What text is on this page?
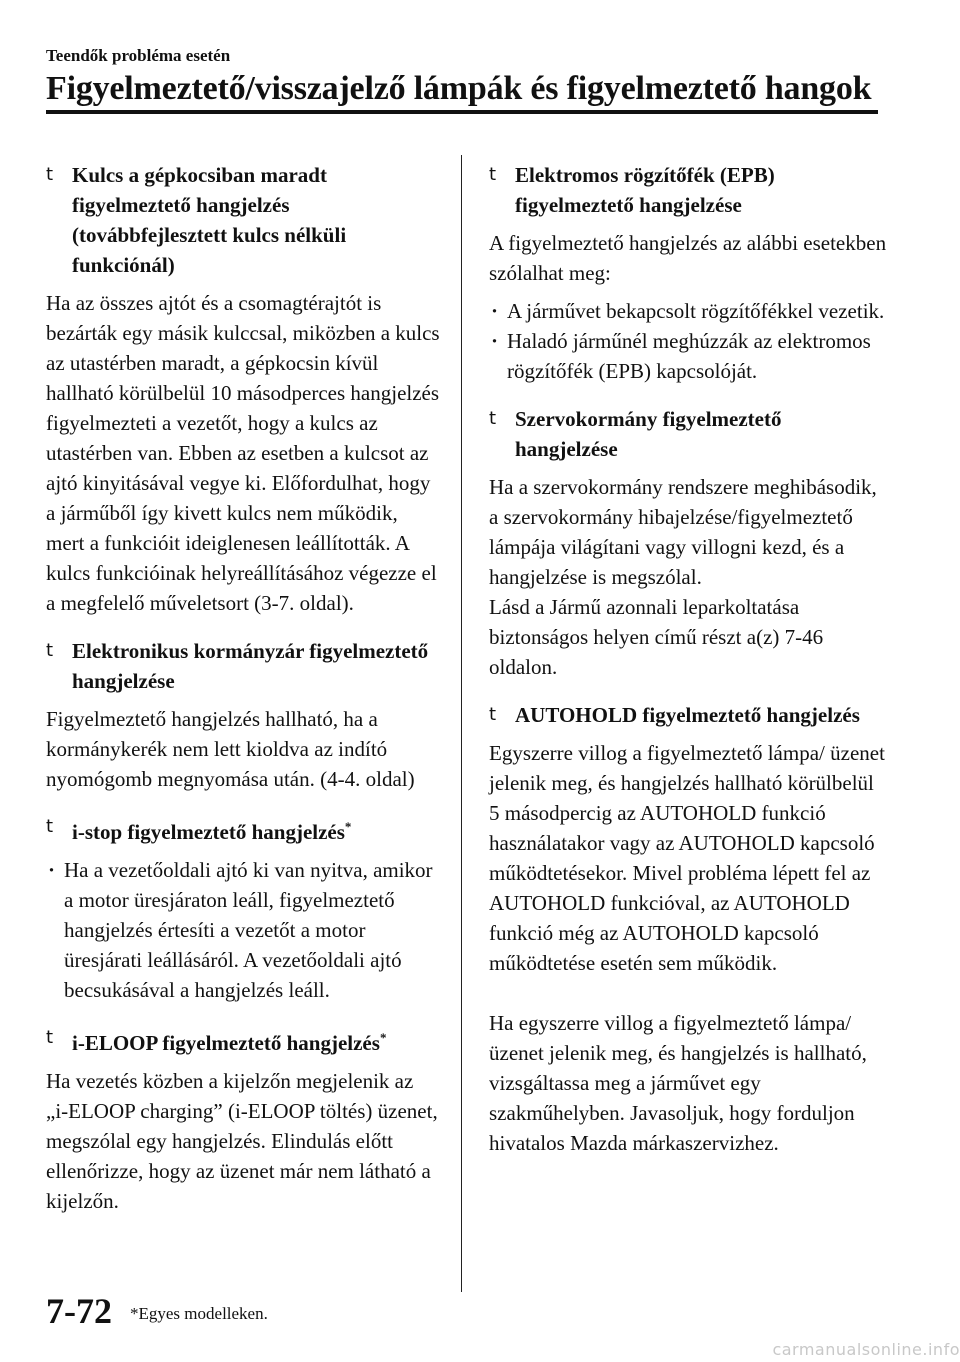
Teendők probléma esetén
Figyelmeztető/visszajelző lámpák és figyelmeztető hangok
t Kulcs a gépkocsiban maradt figyelmeztető hangjelzés (továbbfejlesztett kulcs nélküli funkciónál)

Ha az összes ajtót és a csomagtérajtót is bezárták egy másik kulccsal, miközben a kulcs az utastérben maradt, a gépkocsin kívül hallható körülbelül 10 másodperces hangjelzés figyelmezteti a vezetőt, hogy a kulcs az utastérben van. Ebben az esetben a kulcsot az ajtó kinyitásával vegye ki. Előfordulhat, hogy a járműből így kivett kulcs nem működik, mert a funkcióit ideiglenesen leállították. A kulcs funkcióinak helyreállításához végezze el a megfelelő műveletsort (3-7. oldal).

t Elektronikus kormányzár figyelmeztető hangjelzése

Figyelmeztető hangjelzés hallható, ha a kormánykerék nem lett kioldva az indító nyomógomb megnyomása után. (4-4. oldal)

t i-stop figyelmeztető hangjelzés*
· Ha a vezetőoldali ajtó ki van nyitva, amikor a motor üresjáraton leáll, figyelmeztető hangjelzés értesíti a vezetőt a motor üresjárati leállásáról. A vezetőoldali ajtó becsukásával a hangjelzés leáll.
t i-ELOOP figyelmeztető hangjelzés*

Ha vezetés közben a kijelzőn megjelenik az „i-ELOOP charging” (i-ELOOP töltés) üzenet, megszólal egy hangjelzés. Elindulás előtt ellenőrizze, hogy az üzenet már nem látható a kijelzőn.

t Elektromos rögzítőfék (EPB) figyelmeztető hangjelzése

A figyelmeztető hangjelzés az alábbi esetekben szólalhat meg:

· A járművet bekapcsolt rögzítőfékkel vezetik.
· Haladó járműnél meghúzzák az elektromos rögzítőfék (EPB) kapcsolóját.
t Szervokormány figyelmeztető hangjelzése

Ha a szervokormány rendszere meghibásodik, a szervokormány hibajelzése/figyelmeztető lámpája világítani vagy villogni kezd, és a hangjelzése is megszólal.

Lásd a Jármű azonnali leparkoltatása biztonságos helyen című részt a(z) 7-46 oldalon.

t AUTOHOLD figyelmeztető hangjelzés

Egyszerre villog a figyelmeztető lámpa/ üzenet jelenik meg, és hangjelzés hallható körülbelül 5 másodpercig az AUTOHOLD funkció használatakor vagy az AUTOHOLD kapcsoló működtetésekor. Mivel probléma lépett fel az AUTOHOLD funkcióval, az AUTOHOLD funkció még az AUTOHOLD kapcsoló működtetése esetén sem működik.

Ha egyszerre villog a figyelmeztető lámpa/üzenet jelenik meg, és hangjelzés is hallható, vizsgáltassa meg a járművet egy szakműhelyben. Javasoljuk, hogy forduljon hivatalos Mazda márkaszervizhez.

7-72 *Egyes modelleken.
carmanualsonline.info
